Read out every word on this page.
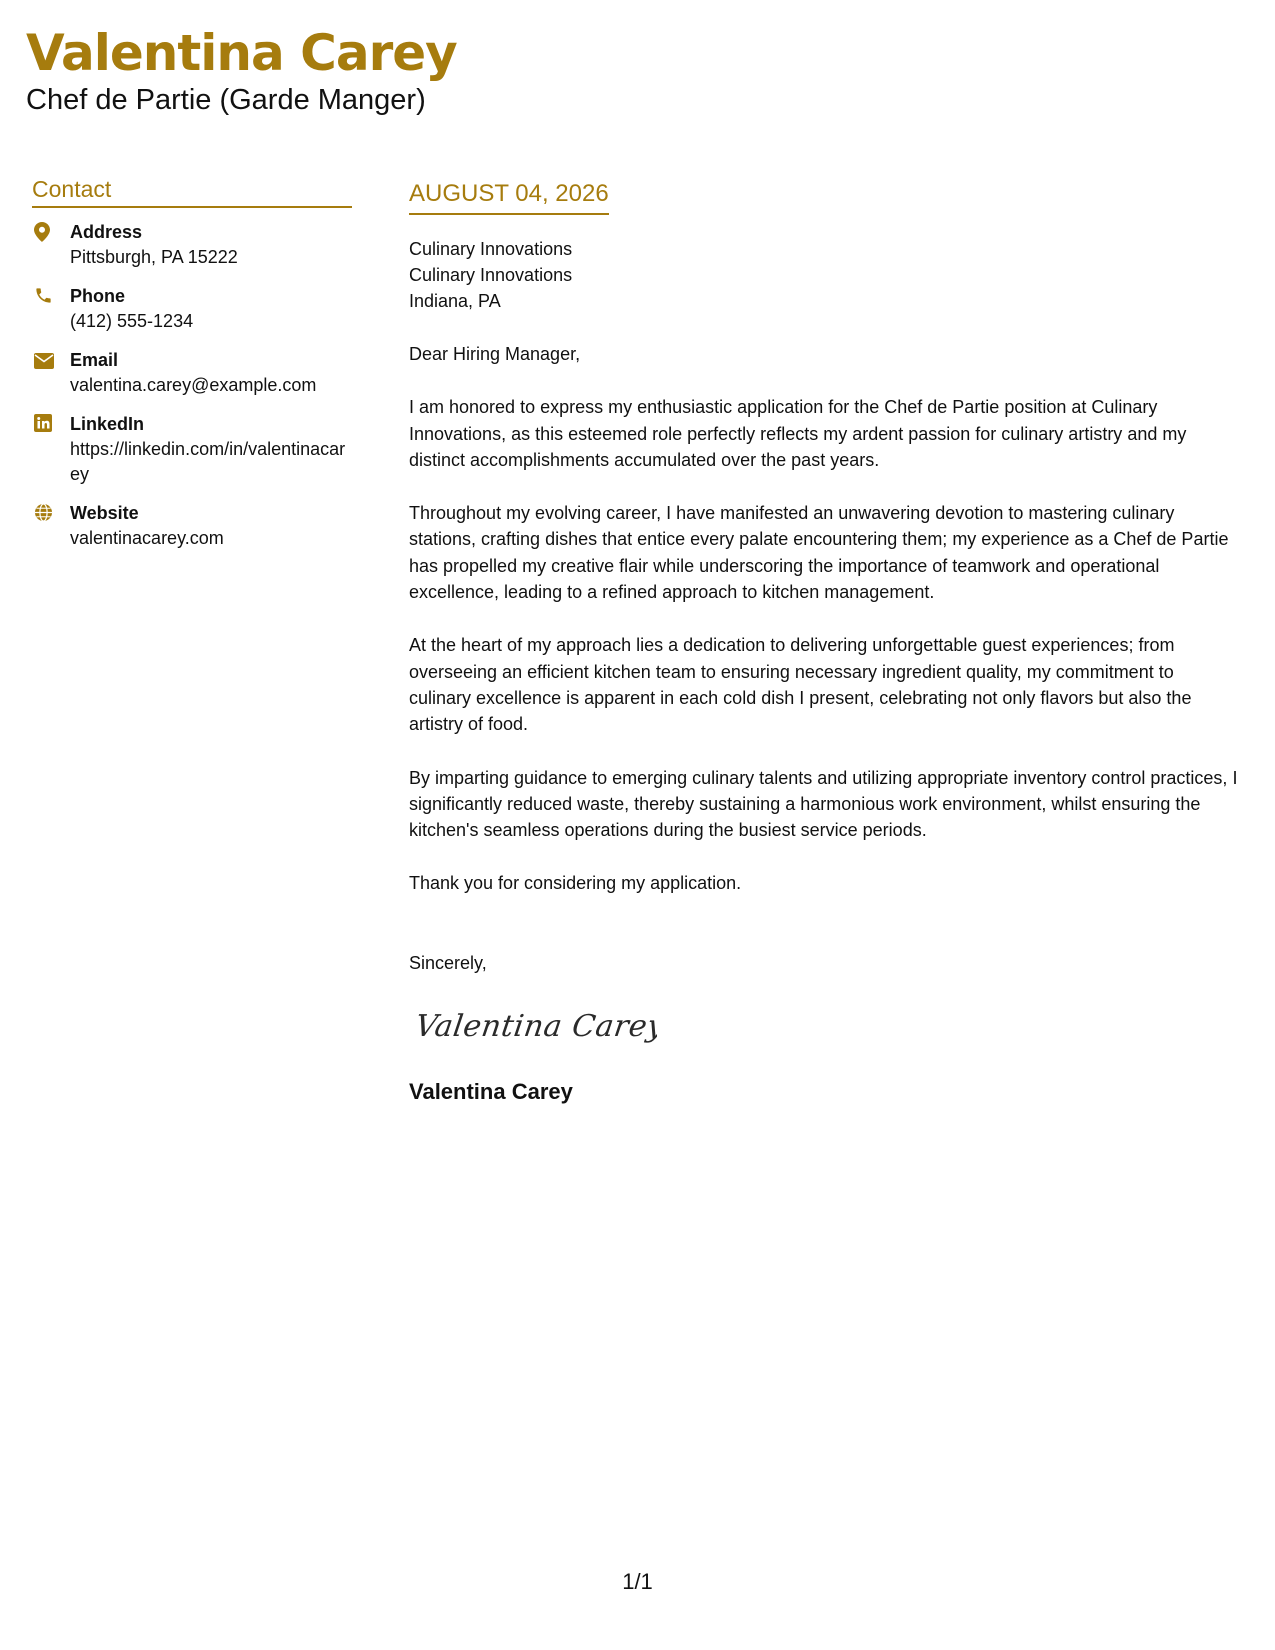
Valentina Carey
Chef de Partie (Garde Manger)
Contact
Address
Pittsburgh, PA 15222
Phone
(412) 555-1234
Email
valentina.carey@example.com
LinkedIn
https://linkedin.com/in/valentinacarey
Website
valentinacarey.com
AUGUST 04, 2026
Culinary Innovations
Culinary Innovations
Indiana, PA

Dear Hiring Manager,

I am honored to express my enthusiastic application for the Chef de Partie position at Culinary Innovations, as this esteemed role perfectly reflects my ardent passion for culinary artistry and my distinct accomplishments accumulated over the past years.

Throughout my evolving career, I have manifested an unwavering devotion to mastering culinary stations, crafting dishes that entice every palate encountering them; my experience as a Chef de Partie has propelled my creative flair while underscoring the importance of teamwork and operational excellence, leading to a refined approach to kitchen management.

At the heart of my approach lies a dedication to delivering unforgettable guest experiences; from overseeing an efficient kitchen team to ensuring necessary ingredient quality, my commitment to culinary excellence is apparent in each cold dish I present, celebrating not only flavors but also the artistry of food.

By imparting guidance to emerging culinary talents and utilizing appropriate inventory control practices, I significantly reduced waste, thereby sustaining a harmonious work environment, whilst ensuring the kitchen's seamless operations during the busiest service periods.

Thank you for considering my application.

Sincerely,
Valentina Carey
Valentina Carey
1/1
